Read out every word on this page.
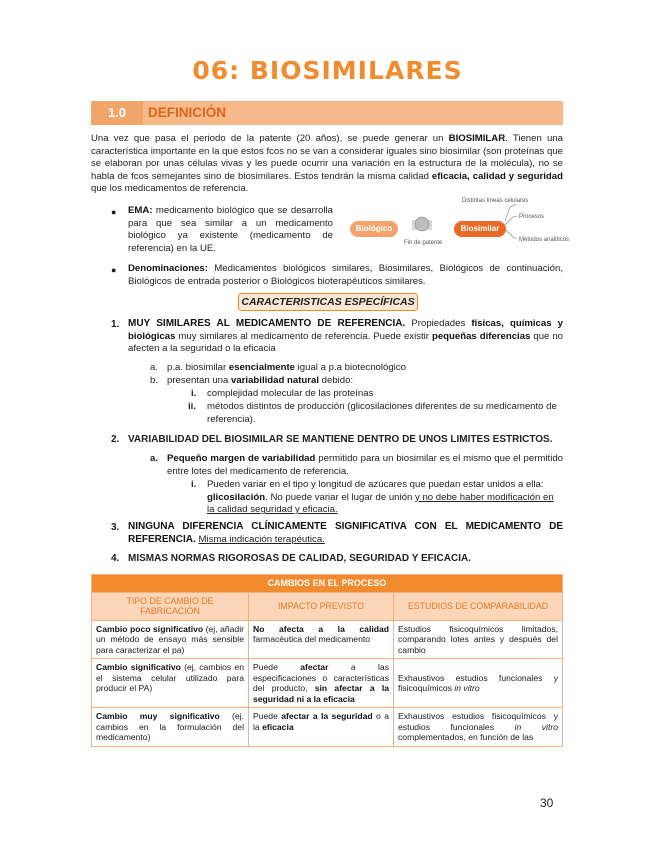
06: BIOSIMILARES
1.0	DEFINICIÓN
Una vez que pasa el periodo de la patente (20 años), se puede generar un BIOSIMILAR. Tienen una característica importante en la que estos fcos no se van a considerar iguales sino biosimilar (son proteínas que se elaboran por unas células vivas y les puede ocurrir una variación en la estructura de la molécula), no se habla de fcos semejantes sino de biosimilares. Estos tendrán la misma calidad eficacia, calidad y seguridad que los medicamentos de referencia.
● EMA: medicamento biológico que se desarrolla para que sea similar a un medicamento biológico ya existente (medicamento de referencia) en la UE.
Biológico	Biosimilar
Fin de patente
Distintas líneas celulares
Procesos
Métodos analíticos
● Denominaciones: Medicamentos biológicos similares, Biosimilares, Biológicos de continuación, Biológicos de entrada posterior o Biológicos bioterapéuticos similares.
CARACTERISTICAS ESPECÍFICAS
1. MUY SIMILARES AL MEDICAMENTO DE REFERENCIA. Propiedades físicas, químicas y biológicas muy similares al medicamento de referencia. Puede existir pequeñas diferencias que no afecten a la seguridad o la eficacia
a. p.a. biosimilar esencialmente igual a p.a biotecnológico
b. presentan una variabilidad natural debido:
i. complejidad molecular de las proteínas
ii. métodos distintos de producción (glicosilaciones diferentes de su medicamento de referencia).
2. VARIABILIDAD DEL BIOSIMILAR SE MANTIENE DENTRO DE UNOS LIMITES ESTRICTOS.
a. Pequeño margen de variabilidad permitido para un biosimilar es el mismo que el permitido entre lotes del medicamento de referencia.
i. Pueden variar en el tipo y longitud de azúcares que puedan estar unidos a ella: glicosilación. No puede variar el lugar de unión y no debe haber modificación en la calidad seguridad y eficacia.
3. NINGUNA DIFERENCIA CLÍNICAMENTE SIGNIFICATIVA CON EL MEDICAMENTO DE REFERENCIA. Misma indicación terapéutica.
4. MISMAS NORMAS RIGOROSAS DE CALIDAD, SEGURIDAD Y EFICACIA.
CAMBIOS EN EL PROCESO		
TIPO DE CAMBIO DE FABRICACIÓN	IMPACTO PREVISTO	ESTUDIOS DE COMPARABILIDAD
Cambio poco significativo (ej, añadir un método de ensayo más sensible para caracterizar el pa)	No afecta a la calidad farmacéutica del medicamento	Estudios fisicoquímicos limitados, comparando lotes antes y después del cambio
Cambio significativo (ej, cambios en el sistema celular utilizado para producir el PA)	Puede afectar a las especificaciones o características del producto, sin afectar a la seguridad ni a la eficacia	Exhaustivos estudios funcionales y fisicoquímicos in vitro
Cambio muy significativo (ej. cambios en la formulación del medicamento)	Puede afectar a la seguridad o a la eficacia	Exhaustivos estudios fisicoquímicos y estudios funcionales in vitro complementados, en función de las
30
